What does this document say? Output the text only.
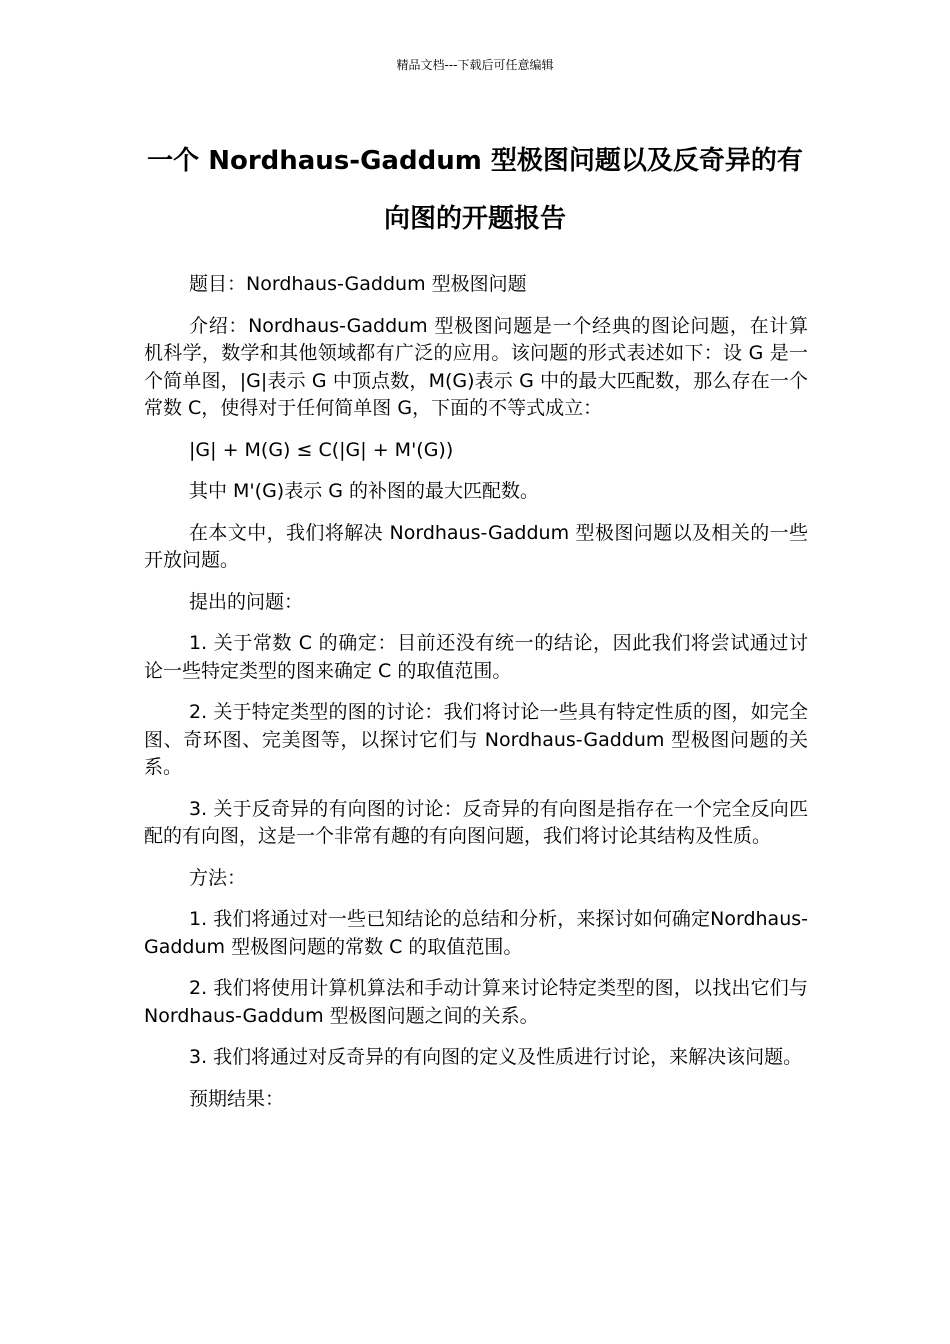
精品文档---下载后可任意编辑
一个 Nordhaus-Gaddum 型极图问题以及反奇异的有
向图的开题报告

题目：Nordhaus-Gaddum 型极图问题

介绍：Nordhaus-Gaddum 型极图问题是一个经典的图论问题，在计算机科学，数学和其他领域都有广泛的应用。该问题的形式表述如下：设 G 是一个简单图，|G|表示 G 中顶点数，M(G)表示 G 中的最大匹配数，那么存在一个常数 C，使得对于任何简单图 G，下面的不等式成立：

|G| + M(G) ≤ C(|G| + M'(G))

其中 M'(G)表示 G 的补图的最大匹配数。

在本文中，我们将解决 Nordhaus-Gaddum 型极图问题以及相关的一些开放问题。

提出的问题：

1. 关于常数 C 的确定：目前还没有统一的结论，因此我们将尝试通过讨论一些特定类型的图来确定 C 的取值范围。

2. 关于特定类型的图的讨论：我们将讨论一些具有特定性质的图，如完全图、奇环图、完美图等，以探讨它们与 Nordhaus-Gaddum 型极图问题的关系。

3. 关于反奇异的有向图的讨论：反奇异的有向图是指存在一个完全反向匹配的有向图，这是一个非常有趣的有向图问题，我们将讨论其结构及性质。

方法：

1. 我们将通过对一些已知结论的总结和分析，来探讨如何确定Nordhaus-Gaddum 型极图问题的常数 C 的取值范围。

2. 我们将使用计算机算法和手动计算来讨论特定类型的图，以找出它们与 Nordhaus-Gaddum 型极图问题之间的关系。

3. 我们将通过对反奇异的有向图的定义及性质进行讨论，来解决该问题。

预期结果：
